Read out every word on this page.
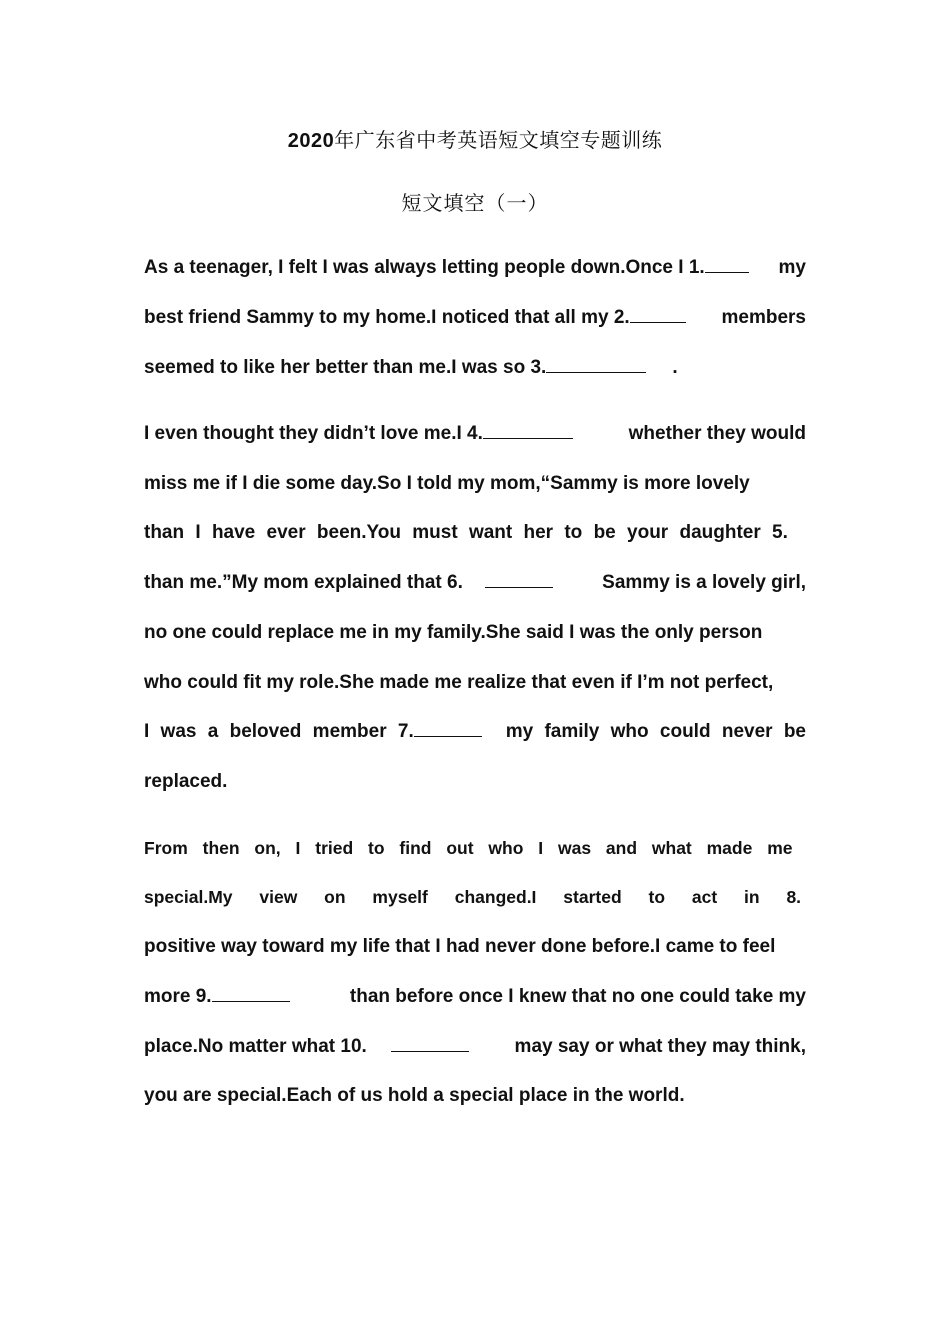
2020年广东省中考英语短文填空专题训练
短文填空（一）
As a teenager, I felt I was always letting people down.Once I 1.	my
best friend Sammy to my home.I noticed that all my 2.	members
seemed to like her better than me.I was so 3.	.
I even thought they didn’t love me.I 4.	whether they would
miss me if I die some day.So I told my mom,“Sammy is more lovely
than I have ever been.You must want her to be your daughter 5.
than me.”My mom explained that 6.	Sammy is a lovely girl,
no one could replace me in my family.She said I was the only person
who could fit my role.She made me realize that even if I’m not perfect,
I was a beloved member 7.	my family who could never be
replaced.
From then on, I tried to find out who I was and what made me
special.My view on myself changed.I started to act in 8.
positive way toward my life that I had never done before.I came to feel
more 9.	than before once I knew that no one could take my
place.No matter what 10.	may say or what they may think,
you are special.Each of us hold a special place in the world.
